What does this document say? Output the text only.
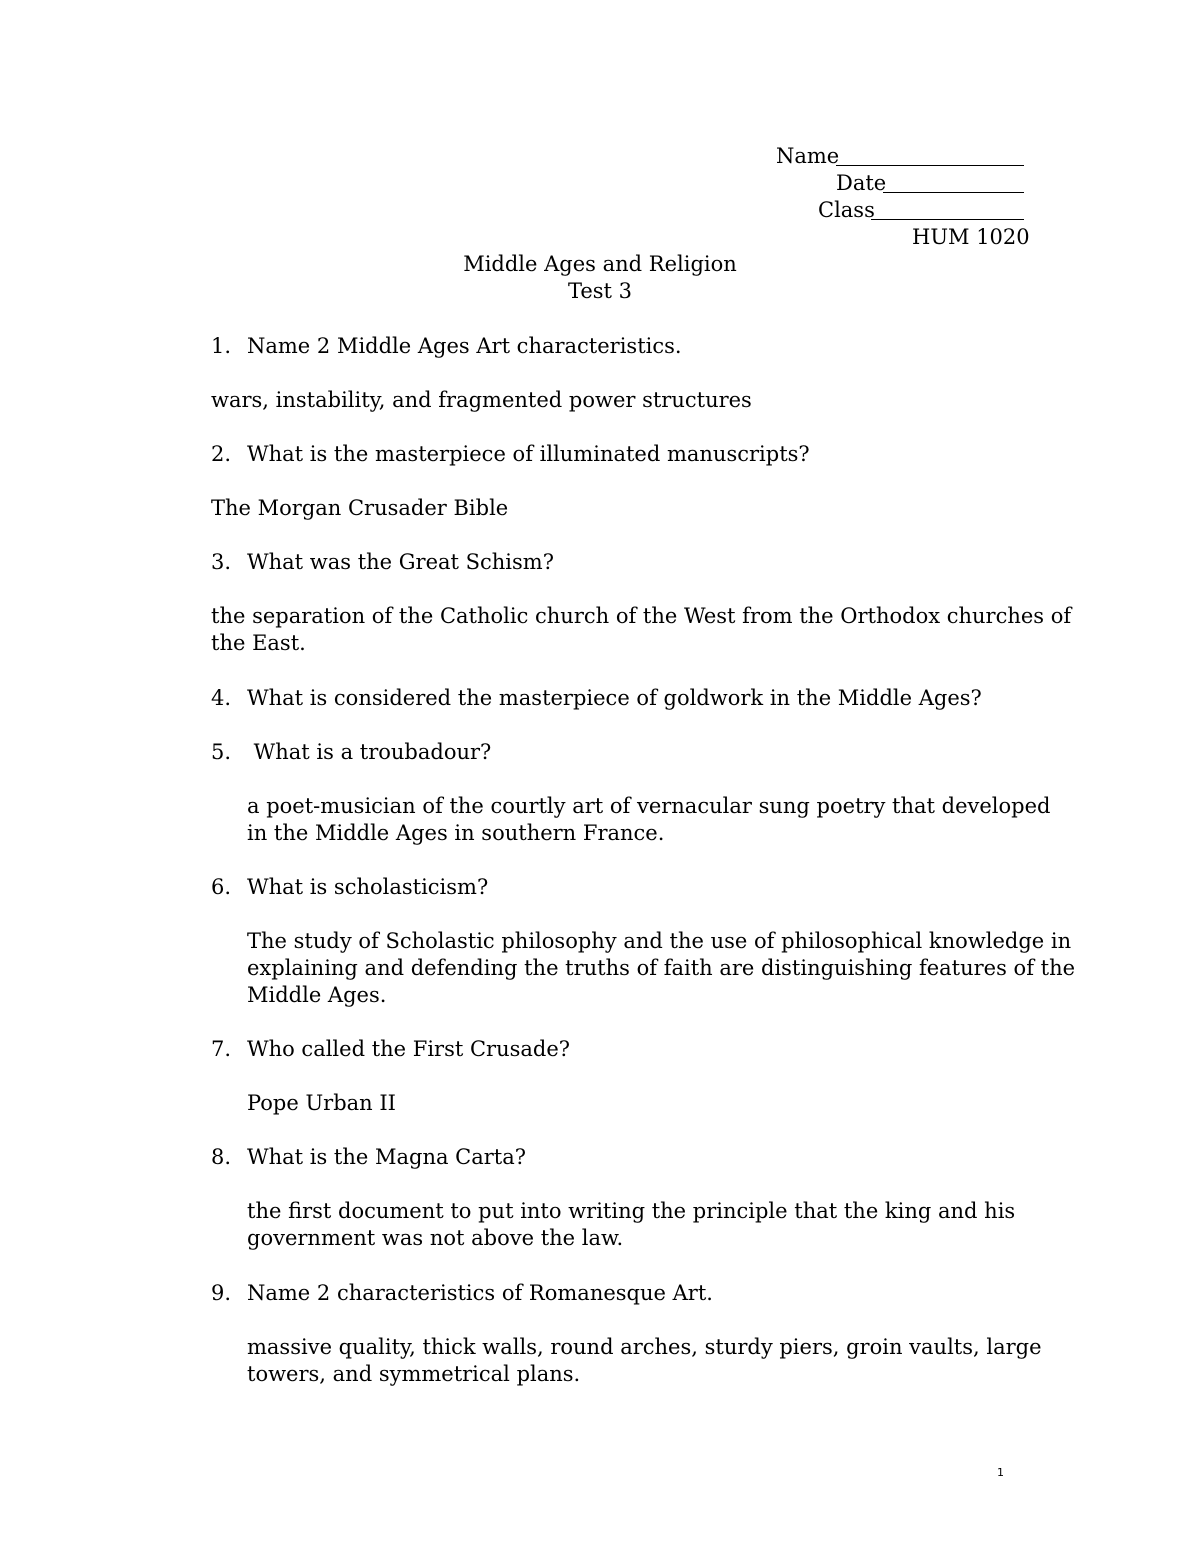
Name
Date
Class
HUM 1020
Middle Ages and Religion
Test 3
1. Name 2 Middle Ages Art characteristics.
wars, instability, and fragmented power structures
2. What is the masterpiece of illuminated manuscripts?
The Morgan Crusader Bible
3. What was the Great Schism?
the separation of the Catholic church of the West from the Orthodox churches of
the East.
4. What is considered the masterpiece of goldwork in the Middle Ages?
5. What is a troubadour?
a poet-musician of the courtly art of vernacular sung poetry that developed
in the Middle Ages in southern France.
6. What is scholasticism?
The study of Scholastic philosophy and the use of philosophical knowledge in
explaining and defending the truths of faith are distinguishing features of the
Middle Ages.
7. Who called the First Crusade?
Pope Urban II
8. What is the Magna Carta?
the first document to put into writing the principle that the king and his
government was not above the law.
9. Name 2 characteristics of Romanesque Art.
massive quality, thick walls, round arches, sturdy piers, groin vaults, large
towers, and symmetrical plans.
1
